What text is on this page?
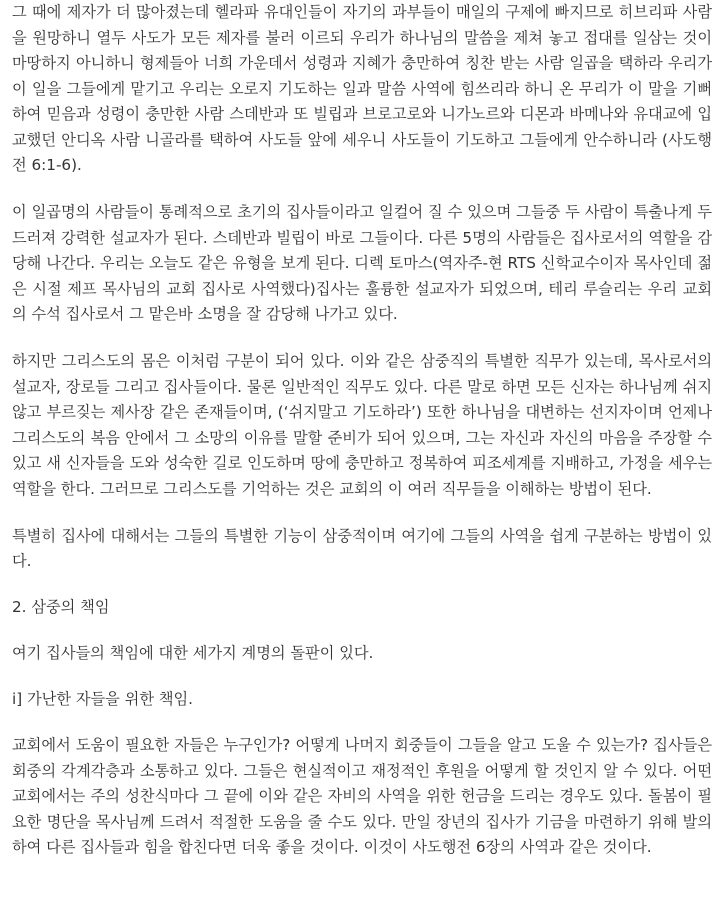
그 때에 제자가 더 많아졌는데 헬라파 유대인들이 자기의 과부들이 매일의 구제에 빠지므로 히브리파 사람을 원망하니 열두 사도가 모든 제자를 불러 이르되 우리가 하나님의 말씀을 제쳐 놓고 접대를 일삼는 것이 마땅하지 아니하니 형제들아 너희 가운데서 성령과 지혜가 충만하여 칭찬 받는 사람 일곱을 택하라 우리가 이 일을 그들에게 맡기고 우리는 오로지 기도하는 일과 말씀 사역에 힘쓰리라 하니 온 무리가 이 말을 기뻐하여 믿음과 성령이 충만한 사람 스데반과 또 빌립과 브로고로와 니가노르와 디몬과 바메나와 유대교에 입교했던 안디옥 사람 니골라를 택하여 사도들 앞에 세우니 사도들이 기도하고 그들에게 안수하니라 (사도행전 6:1-6).

이 일곱명의 사람들이 통례적으로 초기의 집사들이라고 일컬어 질 수 있으며 그들중 두 사람이 특출나게 두드러져 강력한 설교자가 된다. 스데반과 빌립이 바로 그들이다. 다른 5명의 사람들은 집사로서의 역할을 감당해 나간다. 우리는 오늘도 같은 유형을 보게 된다. 디렉 토마스(역자주-현 RTS 신학교수이자 목사인데 젊은 시절 제프 목사님의 교회 집사로 사역했다)집사는 훌륭한 설교자가 되었으며, 테리 루슬리는 우리 교회의 수석 집사로서 그 맡은바 소명을 잘 감당해 나가고 있다.

하지만 그리스도의 몸은 이처럼 구분이 되어 있다. 이와 같은 삼중직의 특별한 직무가 있는데, 목사로서의 설교자, 장로들 그리고 집사들이다. 물론 일반적인 직무도 있다. 다른 말로 하면 모든 신자는 하나님께 쉬지 않고 부르짖는 제사장 같은 존재들이며, (‘쉬지말고 기도하라’) 또한 하나님을 대변하는 선지자이며 언제나 그리스도의 복음 안에서 그 소망의 이유를 말할 준비가 되어 있으며, 그는 자신과 자신의 마음을 주장할 수 있고 새 신자들을 도와 성숙한 길로 인도하며 땅에 충만하고 정복하여 피조세계를 지배하고, 가정을 세우는 역할을 한다. 그러므로 그리스도를 기억하는 것은 교회의 이 여러 직무들을 이해하는 방법이 된다.

특별히 집사에 대해서는 그들의 특별한 기능이 삼중적이며 여기에 그들의 사역을 쉽게 구분하는 방법이 있다.

2. 삼중의 책임

여기 집사들의 책임에 대한 세가지 계명의 돌판이 있다.

i] 가난한 자들을 위한 책임.

교회에서 도움이 필요한 자들은 누구인가? 어떻게 나머지 회중들이 그들을 알고 도울 수 있는가? 집사들은 회중의 각계각층과 소통하고 있다. 그들은 현실적이고 재정적인 후원을 어떻게 할 것인지 알 수 있다. 어떤 교회에서는 주의 성찬식마다 그 끝에 이와 같은 자비의 사역을 위한 헌금을 드리는 경우도 있다. 돌봄이 필요한 명단을 목사님께 드려서 적절한 도움을 줄 수도 있다. 만일 장년의 집사가 기금을 마련하기 위해 발의하여 다른 집사들과 힘을 합친다면 더욱 좋을 것이다. 이것이 사도행전 6장의 사역과 같은 것이다.
